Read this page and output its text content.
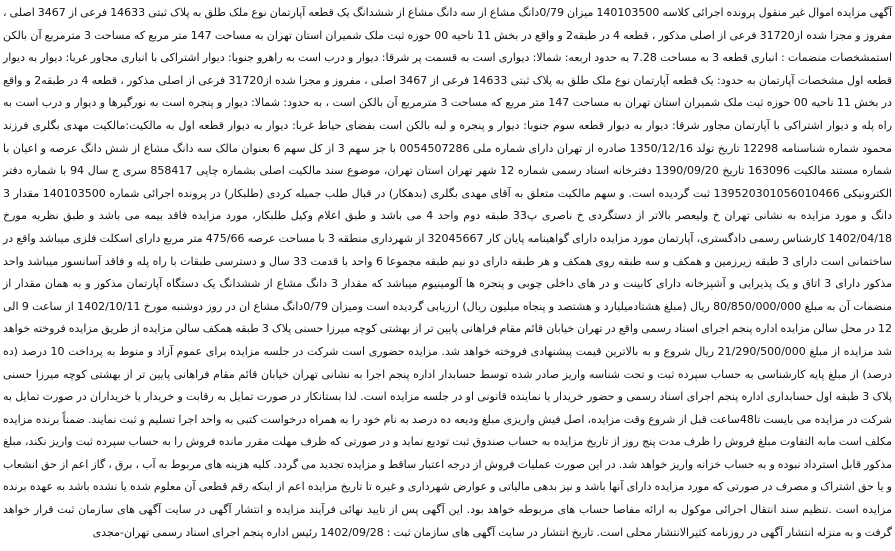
آگهی مزایده اموال غیر منقول پرونده اجرائی کلاسه 140103500 میزان 0/79دانگ مشاع از سه دانگ مشاع از ششدانگ یک قطعه آپارتمان نوع ملک طلق به پلاک ثبتی 14633 فرعی از 3467 اصلی ، مفروز و مجزا شده از31720 فرعی از اصلی مذکور ، قطعه 4 در طبقه2 و واقع در بخش 11 ناحیه 00 حوزه ثبت ملک شمیران استان تهران به مساحت 147 متر مربع که مساحت 3 مترمربع آن بالکن استمشخصات منضمات : انباری قطعه 3 به مساحت 7.28 به حدود اربعه: شمالا: دیواری است به قسمت پر شرقا: دیوار و درب است به راهرو جنوبا: دیوار اشتراکی با انباری مجاور غربا: دیوار به دیوار قطعه اول مشخصات آپارتمان به حدود: یک قطعه آپارتمان نوع ملک طلق به پلاک ثبتی 14633 فرعی از 3467 اصلی ، مفروز و مجزا شده از31720 فرعی از اصلی مذکور ، قطعه 4 در طبقه2 و واقع در بخش 11 ناحیه 00 حوزه ثبت ملک شمیران استان تهران به مساحت 147 متر مربع که مساحت 3 مترمربع آن بالکن است ، به حدود: شمالا: دیوار و پنجره است به نورگیرها و دیوار و درب است به راه پله و دیوار اشتراکی با آپارتمان مجاور شرقا: دیوار به دیوار قطعه سوم جنوبا: دیوار و پنجره و لبه بالکن است بفضای حیاط غربا: دیوار به دیوار قطعه اول به مالکیت:مالکیت مهدی بگلری فرزند محمود شماره شناسنامه 12298 تاریخ تولد 1350/12/16 صادره از تهران دارای شماره ملی 0054507286 با جز سهم 3 از کل سهم 6 بعنوان مالک سه دانگ مشاع از شش دانگ عرصه و اعیان با شماره مستند مالکیت 163096 تاریخ 1390/09/20 دفترخانه اسناد رسمی شماره 12 شهر تهران استان تهران، موضوع سند مالکیت اصلی بشماره چاپی 858417 سری ج سال 94 با شماره دفتر الکترونیکی 139520301056010466 ثبت گردیده است. و سهم مالکیت متعلق به آقای مهدی بگلری (بدهکار) در قبال طلب جمیله کردی (طلبکار) در پرونده اجرائی شماره 140103500 مقدار 3 دانگ و مورد مزایده به نشانی تهران خ ولیعصر بالاتر از دستگردی خ ناصری پ33 طبقه دوم واحد 4 می باشد و طبق اعلام وکیل طلبکار، مورد مزایده فاقد بیمه می باشد و طبق نظریه مورخ 1402/04/18 کارشناس رسمی دادگستری، آپارتمان مورد مزایده دارای گواهینامه پایان کار 32045667 از شهرداری منطقه 3 با مساحت عرصه 475/66 متر مربع دارای اسکلت فلزی میباشد واقع در ساختمانی است دارای 3 طبقه زیرزمین و همکف و سه طبقه روی همکف و هر طبقه دارای دو نیم طبقه مجموعا 6 واحد با قدمت 33 سال و دسترسی طبقات با راه پله و فاقد آسانسور میباشد واحد مذکور دارای 3 اتاق و یک پذیرایی و آشپزخانه دارای کابینت و در های داخلی چوبی و پنجره ها آلومینیوم میباشد که مقدار 3 دانگ مشاع از ششدانگ یک دستگاه آپارتمان مذکور و به همان مقدار از منضمات آن به مبلغ 80/850/000/000 ریال (مبلغ هشتادمیلیارد و هشتصد و پنجاه میلیون ریال) ارزیابی گردیده است ومیزان 0/79دانگ مشاع ان در روز دوشنبه مورخ 1402/10/11 از ساعت 9 الی 12 در محل سالن مزایده اداره پنجم اجرای اسناد رسمی واقع در تهران خیابان قائم مقام فراهانی پایین تر از بهشتی کوچه میرزا حسنی پلاک 3 طبقه همکف سالن مزایده از طریق مزایده فروخته خواهد شد مزایده از مبلغ 21/290/500/000 ریال شروع و به بالاترین قیمت پیشنهادی فروخته خواهد شد. مزایده حضوری است شرکت در جلسه مزایده برای عموم آزاد و منوط به پرداخت 10 درصد (ده درصد) از مبلغ پایه کارشناسی به حساب سپرده ثبت و تحت شناسه واریز صادر شده توسط حسابدار اداره پنجم اجرا به نشانی تهران خیابان قائم مقام فراهانی پایین تر از بهشتی کوچه میرزا حسنی پلاک 3 طبقه اول حسابداری اداره پنجم اجرای اسناد رسمی و حضور خریدار یا نماینده قانونی او در جلسه مزایده است. لذا بستانکار در صورت تمایل به رقابت و خریدار یا خریداران در صورت تمایل به شرکت در مزایده می بایست تا48ساعت قبل از شروع وقت مزایده، اصل فیش واریزی مبلغ ودیعه ده درصد به نام خود را به همراه درخواست کتبی به واحد اجرا تسلیم و ثبت نمایند. ضمناً برنده مزایده مکلف است مابه التفاوت مبلغ فروش را ظرف مدت پنج روز از تاریخ مزایده به حساب صندوق ثبت تودیع نماید و در صورتی که ظرف مهلت مقرر مانده فروش را به حساب سپرده ثبت واریز نکند، مبلغ مذکور قابل استرداد نبوده و به حساب خزانه واریز خواهد شد. در این صورت عملیات فروش از درجه اعتبار ساقط و مزایده تجدید می گردد. کلیه هزینه های مربوط به آب ، برق ، گاز اعم از حق انشعاب و یا حق اشتراک و مصرف در صورتی که مورد مزایده دارای آنها باشد و نیز بدهی مالیاتی و عوارض شهرداری و غیره تا تاریخ مزایده اعم از اینکه رقم قطعی آن معلوم شده یا نشده باشد به عهده برنده مزایده است .تنظیم سند انتقال اجرائی موکول به ارائه مفاصا حساب های مربوطه خواهد بود. این آگهی پس از تایید نهائی فرآیند مزایده و انتشار آگهی در سایت آگهی های سازمان ثبت قرار خواهد گرفت و به منزله انتشار آگهی در روزنامه کثیرالانتشار محلی است. تاریخ انتشار در سایت آگهی های سازمان ثبت : 1402/09/28 رئیس اداره پنجم اجرای اسناد رسمی تهران-مجدی
